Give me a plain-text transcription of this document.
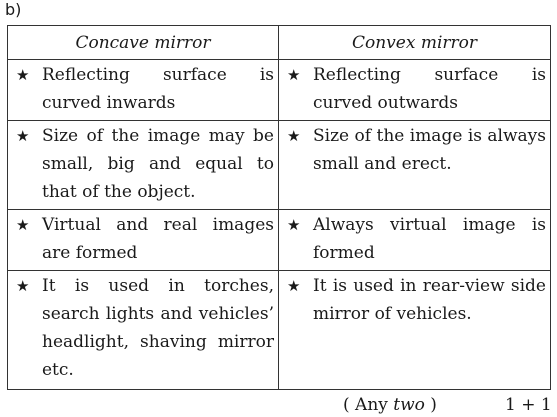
b)
Concave mirror	Convex mirror

★ Reflecting surface is curved inwards	★ Reflecting surface is curved outwards

★ Size of the image may be small, big and equal to that of the object.	★ Size of the image is always small and erect.

★ Virtual and real images are formed	★ Always virtual image is formed

★ It is used in torches, search lights and vehicles’ headlight, shaving mirror etc.	★ It is used in rear-view side mirror of vehicles.
( Any two )	1 + 1
